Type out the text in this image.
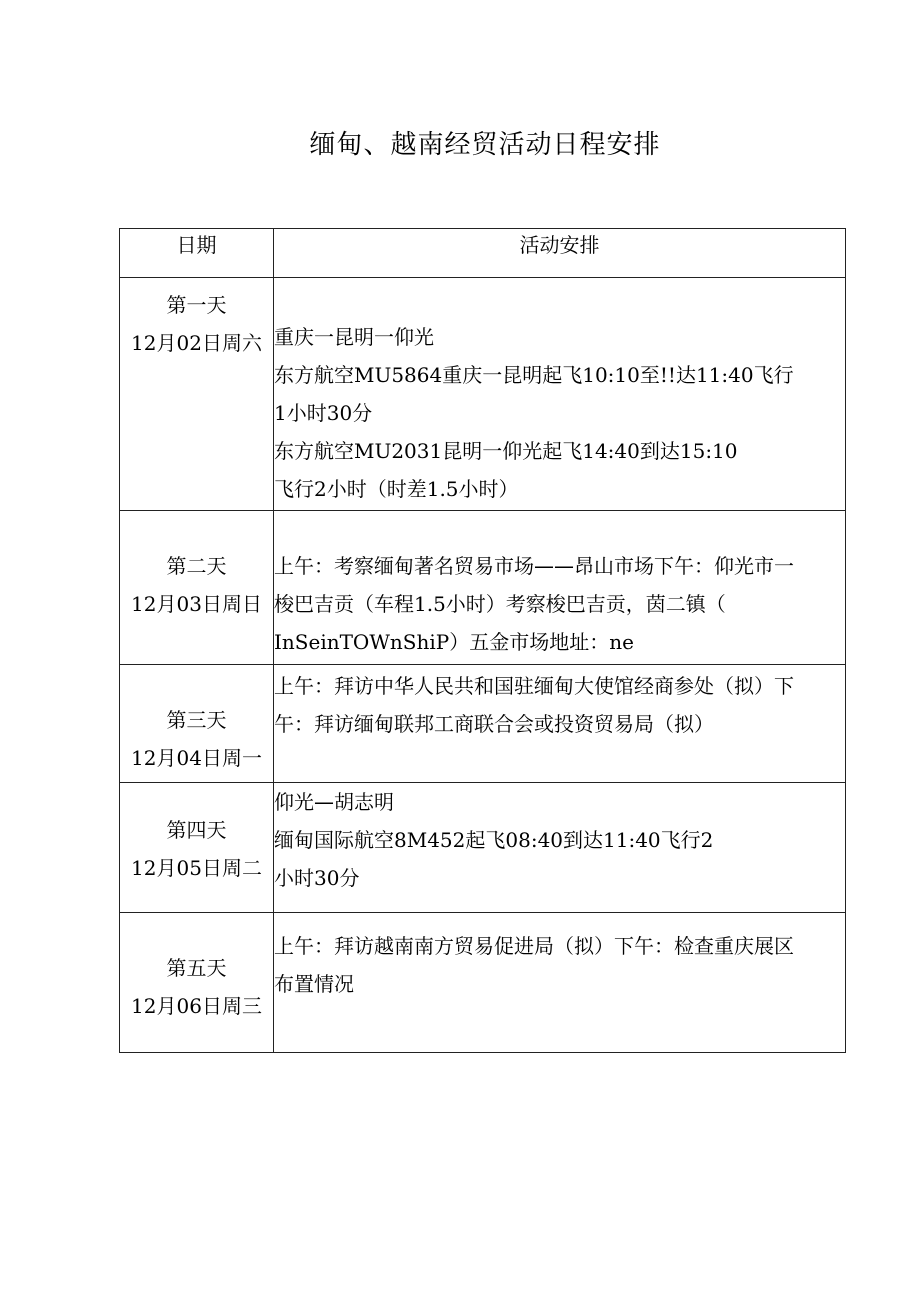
缅甸、越南经贸活动日程安排
日期	活动安排

第一天
12月02日周六	重庆一昆明一仰光
东方航空MU5864重庆一昆明起飞10:10至!!达11:40飞行
1小时30分
东方航空MU2031昆明一仰光起飞14:40到达15:10
飞行2小时（时差1.5小时）

第二天
12月03日周日	上午：考察缅甸著名贸易市场——昂山市场下午：仰光市一
梭巴吉贡（车程1.5小时）考察梭巴吉贡，茵二镇（
InSeinTOWnShiP）五金市场地址：ne

第三天
12月04日周一	上午：拜访中华人民共和国驻缅甸大使馆经商参处（拟）下
午：拜访缅甸联邦工商联合会或投资贸易局（拟）

第四天
12月05日周二	仰光—胡志明
缅甸国际航空8M452起飞08:40到达11:40飞行2
小时30分

第五天
12月06日周三	上午：拜访越南南方贸易促进局（拟）下午：检查重庆展区
布置情况
